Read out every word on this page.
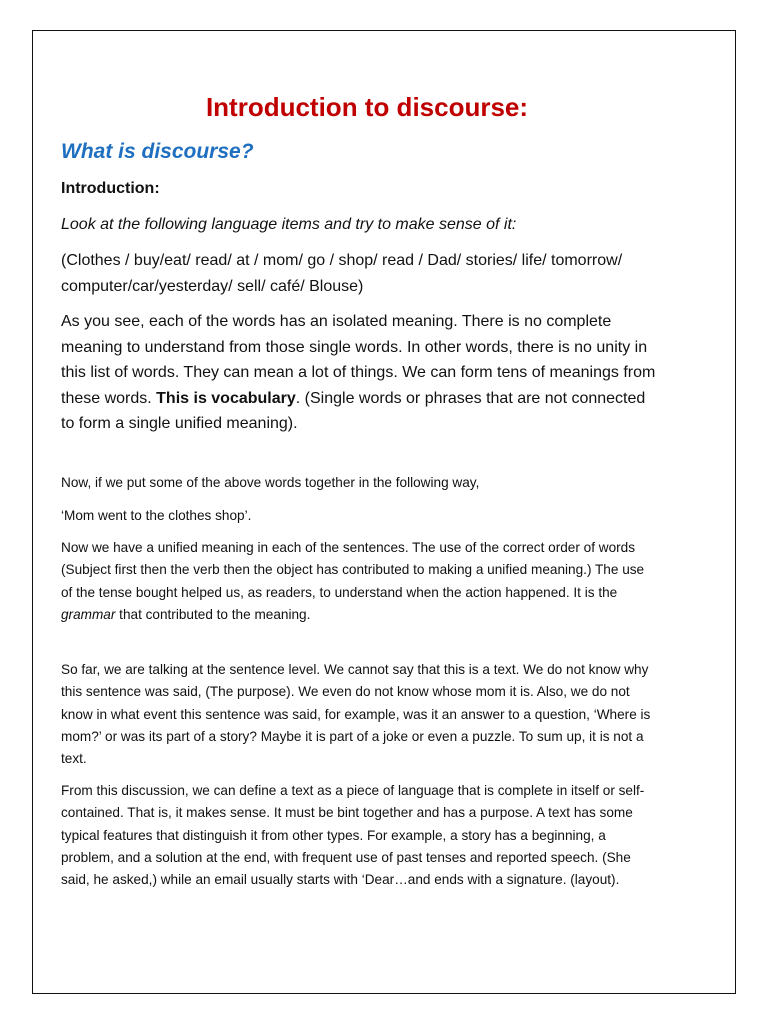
Introduction to discourse:
What is discourse?
Introduction:

Look at the following language items and try to make sense of it:

(Clothes / buy/eat/ read/ at / mom/ go / shop/ read / Dad/ stories/ life/ tomorrow/ computer/car/yesterday/ sell/ café/ Blouse)

As you see, each of the words has an isolated meaning. There is no complete meaning to understand from those single words. In other words, there is no unity in this list of words. They can mean a lot of things. We can form tens of meanings from these words. This is vocabulary. (Single words or phrases that are not connected to form a single unified meaning).

Now, if we put some of the above words together in the following way,

‘Mom went to the clothes shop’.

Now we have a unified meaning in each of the sentences. The use of the correct order of words (Subject first then the verb then the object has contributed to making a unified meaning.) The use of the tense bought helped us, as readers, to understand when the action happened. It is the grammar that contributed to the meaning.

So far, we are talking at the sentence level. We cannot say that this is a text. We do not know why this sentence was said, (The purpose). We even do not know whose mom it is. Also, we do not know in what event this sentence was said, for example, was it an answer to a question, ‘Where is mom?’ or was its part of a story? Maybe it is part of a joke or even a puzzle. To sum up, it is not a text.

From this discussion, we can define a text as a piece of language that is complete in itself or self-contained. That is, it makes sense. It must be bint together and has a purpose. A text has some typical features that distinguish it from other types. For example, a story has a beginning, a problem, and a solution at the end, with frequent use of past tenses and reported speech. (She said, he asked,) while an email usually starts with ‘Dear…and ends with a signature. (layout).
